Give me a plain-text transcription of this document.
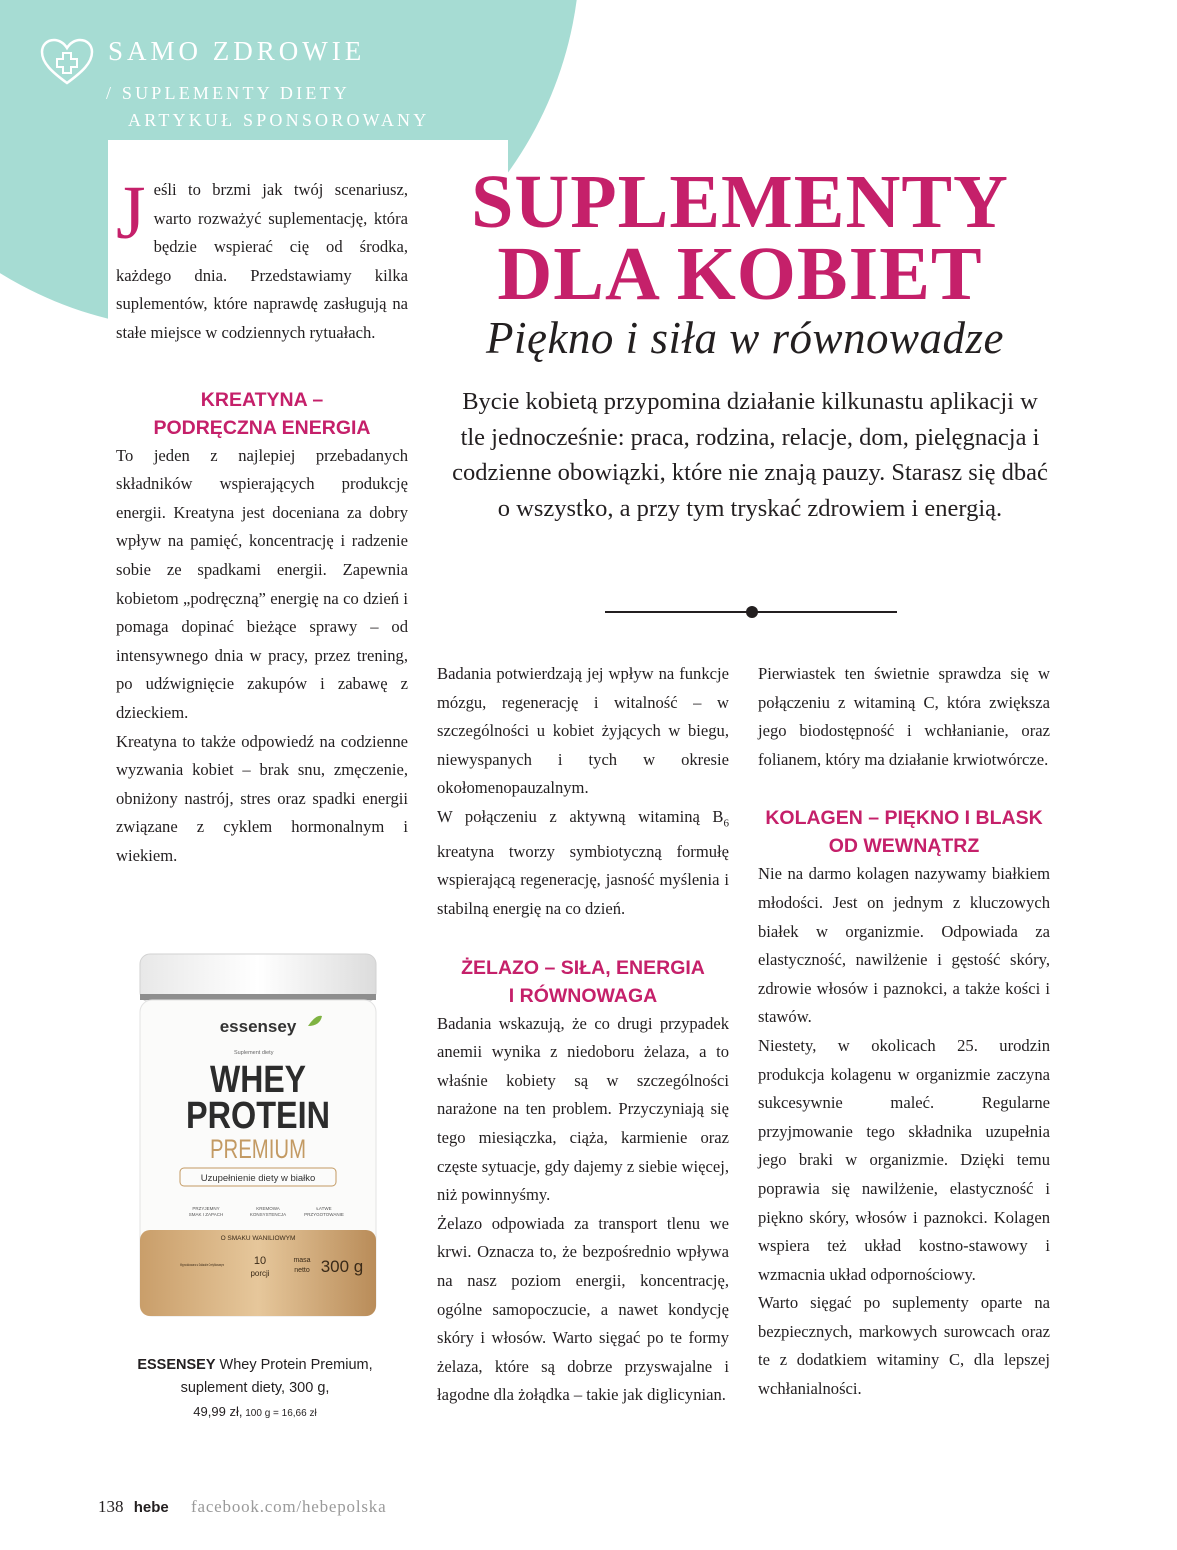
SAMO ZDROWIE
/ SUPLEMENTY DIETY
ARTYKUŁ SPONSOROWANY
SUPLEMENTY
DLA KOBIET
Piękno i siła w równowadze

Bycie kobietą przypomina działanie kilkunastu aplikacji w tle jednocześnie: praca, rodzina, relacje, dom, pielęgnacja i codzienne obowiązki, które nie znają pauzy. Starasz się dbać o wszystko, a przy tym tryskać zdrowiem i energią.

Jeśli to brzmi jak twój scenariusz, warto rozważyć suplementację, która będzie wspierać cię od środka, każdego dnia. Przedstawiamy kilka suplementów, które naprawdę zasługują na stałe miejsce w codziennych rytuałach.

KREATYNA –
PODRĘCZNA ENERGIA

To jeden z najlepiej przebadanych składników wspierających produkcję energii. Kreatyna jest doceniana za dobry wpływ na pamięć, koncentrację i radzenie sobie ze spadkami energii. Zapewnia kobietom „podręczną” energię na co dzień i pomaga dopinać bieżące sprawy – od intensywnego dnia w pracy, przez trening, po udźwignięcie zakupów i zabawę z dzieckiem.

Kreatyna to także odpowiedź na codzienne wyzwania kobiet – brak snu, zmęczenie, obniżony nastrój, stres oraz spadki energii związane z cyklem hormonalnym i wiekiem.

Badania potwierdzają jej wpływ na funkcje mózgu, regenerację i witalność – w szczególności u kobiet żyjących w biegu, niewyspanych i tych w okresie okołomenopauzalnym.

W połączeniu z aktywną witaminą $B_6$ kreatyna tworzy symbiotyczną formułę wspierającą regenerację, jasność myślenia i stabilną energię na co dzień.

ŻELAZO – SIŁA, ENERGIA
I RÓWNOWAGA

Badania wskazują, że co drugi przypadek anemii wynika z niedoboru żelaza, a to właśnie kobiety są w szczególności narażone na ten problem. Przyczyniają się tego miesiączka, ciąża, karmienie oraz częste sytuacje, gdy dajemy z siebie więcej, niż powinnyśmy.

Żelazo odpowiada za transport tlenu we krwi. Oznacza to, że bezpośrednio wpływa na nasz poziom energii, koncentrację, ogólne samopoczucie, a nawet kondycję skóry i włosów. Warto sięgać po te formy żelaza, które są dobrze przyswajalne i łagodne dla żołądka – takie jak diglicynian.

Pierwiastek ten świetnie sprawdza się w połączeniu z witaminą C, która zwiększa jego biodostępność i wchłanianie, oraz folianem, który ma działanie krwiotwórcze.

KOLAGEN – PIĘKNO I BLASK
OD WEWNĄTRZ

Nie na darmo kolagen nazywamy białkiem młodości. Jest on jednym z kluczowych białek w organizmie. Odpowiada za elastyczność, nawilżenie i gęstość skóry, zdrowie włosów i paznokci, a także kości i stawów.

Niestety, w okolicach 25. urodzin produkcja kolagenu w organizmie zaczyna sukcesywnie maleć. Regularne przyjmowanie tego składnika uzupełnia jego braki w organizmie. Dzięki temu poprawia się nawilżenie, elastyczność i piękno skóry, włosów i paznokci. Kolagen wspiera też układ kostno-stawowy i wzmacnia układ odpornościowy.

Warto sięgać po suplementy oparte na bezpiecznych, markowych surowcach oraz te z dodatkiem witaminy C, dla lepszej wchłanialności.

essensey
Suplement diety
WHEY
PROTEIN
PREMIUM
Uzupełnienie diety w białko
PRZYJEMNY
SMAK I ZAPACH
KREMOWA
KONSYSTENCJA
ŁATWE
PRZYGOTOWANIE
O SMAKU WANILIOWYM
Wyprodukowano w Zakładzie Certyfikowanym	10
porcji
masa
netto 300 g
ESSENSEY Whey Protein Premium,
suplement diety, 300 g,
49,99 zł, 100 g = 16,66 zł
138 hebe facebook.com/hebepolska
